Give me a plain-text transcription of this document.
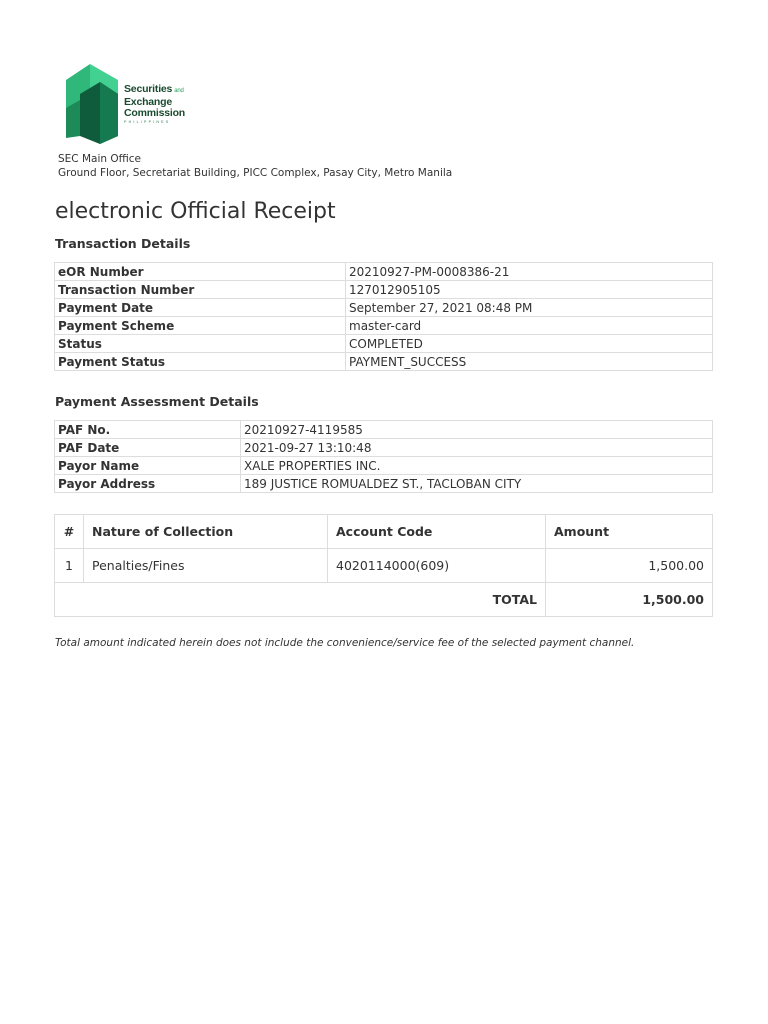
Securities and
Exchange
Commission
PHILIPPINES
SEC Main Office
Ground Floor, Secretariat Building, PICC Complex, Pasay City, Metro Manila
electronic Official Receipt
Transaction Details
eOR Number	20210927-PM-0008386-21
Transaction Number	127012905105
Payment Date	September 27, 2021 08:48 PM
Payment Scheme	master-card
Status	COMPLETED
Payment Status	PAYMENT_SUCCESS
Payment Assessment Details
PAF No.	20210927-4119585
PAF Date	2021-09-27 13:10:48
Payor Name	XALE PROPERTIES INC.
Payor Address	189 JUSTICE ROMUALDEZ ST., TACLOBAN CITY
#	Nature of Collection	Account Code	Amount
1	Penalties/Fines	4020114000(609)	1,500.00
TOTAL			1,500.00
Total amount indicated herein does not include the convenience/service fee of the selected payment channel.
